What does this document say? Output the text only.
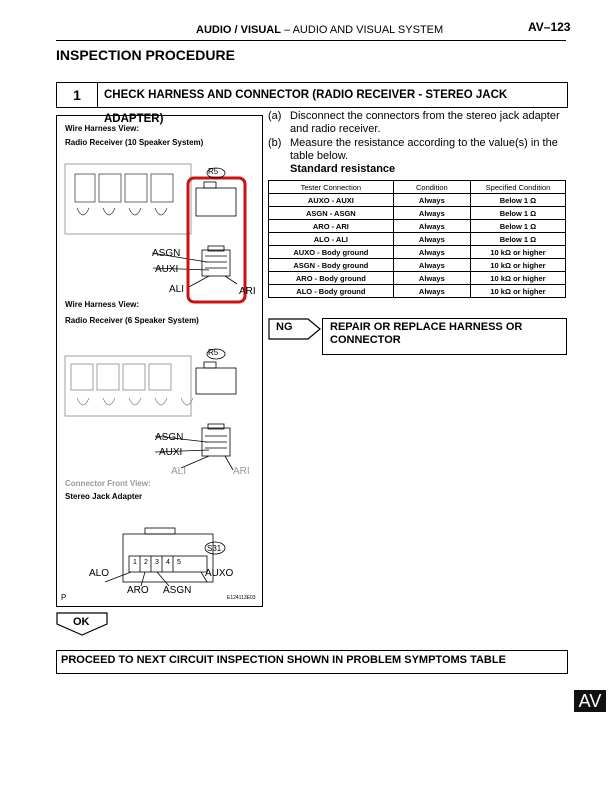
AUDIO / VISUAL – AUDIO AND VISUAL SYSTEM	AV–123
INSPECTION PROCEDURE
1	CHECK HARNESS AND CONNECTOR (RADIO RECEIVER - STEREO JACK ADAPTER)
Wire Harness View:
Radio Receiver (10 Speaker System)
R5
ASGN
AUXI
ALI	ARI
Wire Harness View:
Radio Receiver (6 Speaker System)
R5
ASGN
AUXI
ALI	ARI
Connector Front View:
Stereo Jack Adapter
S31
1 2 3 4 5
ALO
ARO ASGN
AUXO
P	E124113E03
(a) Disconnect the connectors from the stereo jack adapter and radio receiver.
(b) Measure the resistance according to the value(s) in the table below.
Standard resistance
Tester Connection	Condition	Specified Condition
AUXO - AUXI	Always	Below 1 Ω
ASGN - ASGN	Always	Below 1 Ω
ARO - ARI	Always	Below 1 Ω
ALO - ALI	Always	Below 1 Ω
AUXO - Body ground	Always	10 kΩ or higher
ASGN - Body ground	Always	10 kΩ or higher
ARO - Body ground	Always	10 kΩ or higher
ALO - Body ground	Always	10 kΩ or higher
NG	REPAIR OR REPLACE HARNESS OR CONNECTOR
OK
PROCEED TO NEXT CIRCUIT INSPECTION SHOWN IN PROBLEM SYMPTOMS TABLE
AV
